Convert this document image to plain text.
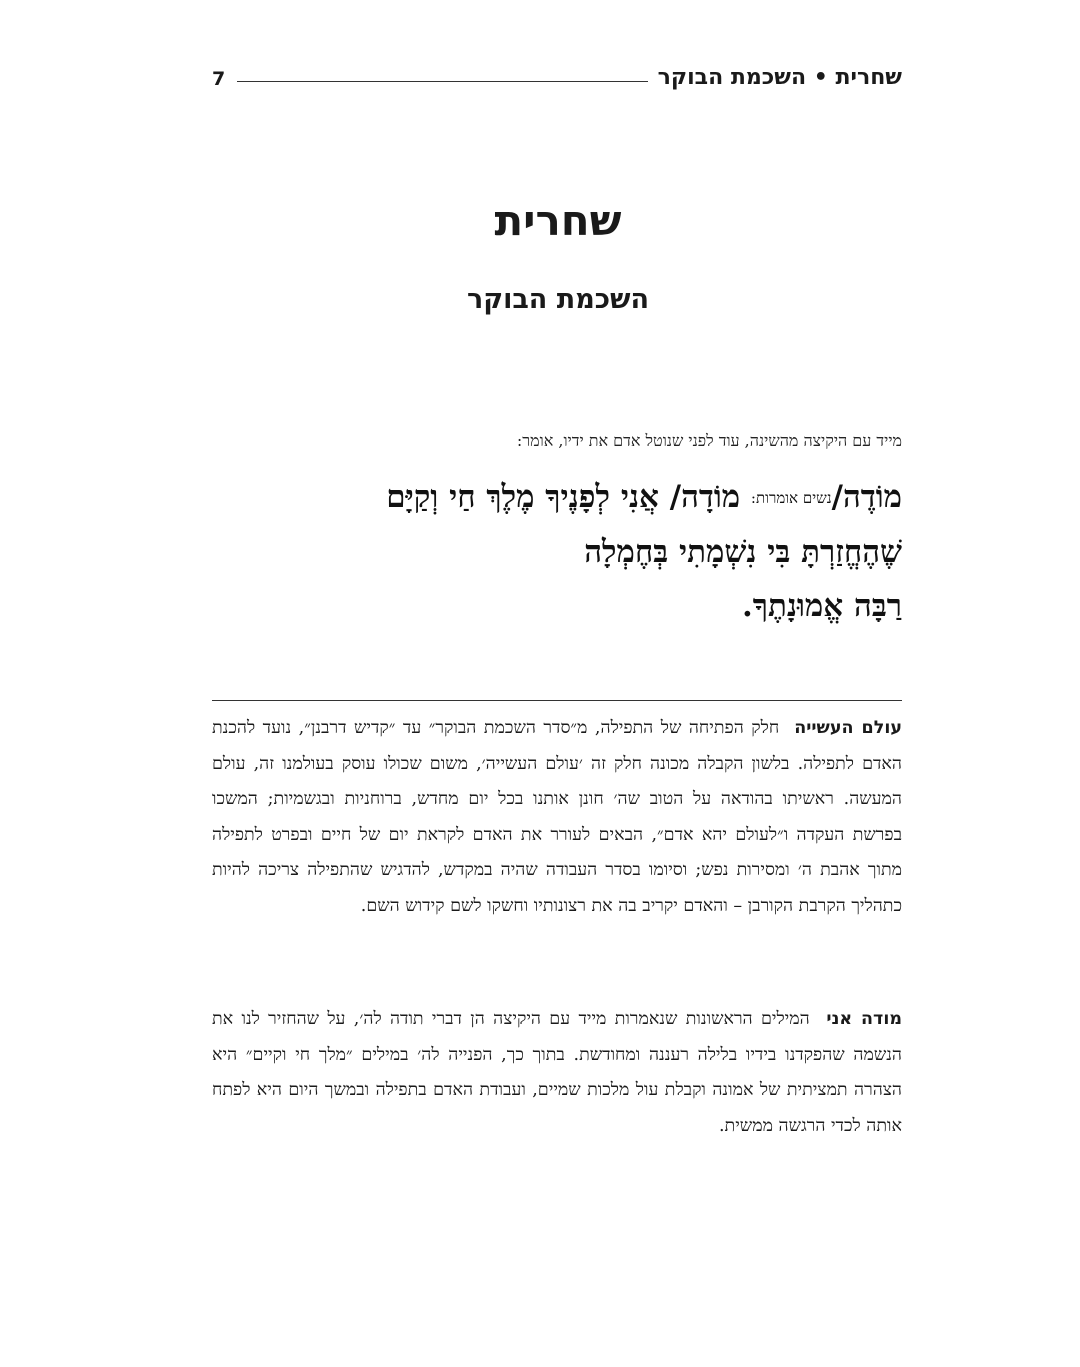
שחרית • השכמת הבוקר
7
שחרית
השכמת הבוקר
מייד עם היקיצה מהשינה, עוד לפני שנוטל אדם את ידיו, אומר:
מוֹדֶה/נשים אומרות: מוֹדָה/ אֲנִי לְפָנֶיךָ מֶלֶךְ חַי וְקַיָּם
שֶׁהֶחֱזַרְתָּ בִּי נִשְׁמָתִי בְּחֶמְלָה
רַבָּה אֱמוּנָתֶךָ.
עולם העשייה  חלק הפתיחה של התפילה, מ״סדר השכמת הבוקר״ עד ״קדיש דרבנן״, נועד להכנת האדם לתפילה. בלשון הקבלה מכונה חלק זה ׳עולם העשייה׳, משום שכולו עוסק בעולמנו זה, עולם המעשה. ראשיתו בהודאה על הטוב שה׳ חונן אותנו בכל יום מחדש, ברוחניות ובגשמיות; המשכו בפרשת העקדה ו״לעולם יהא אדם״, הבאים לעורר את האדם לקראת יום של חיים ובפרט לתפילה מתוך אהבת ה׳ ומסירות נפש; וסיומו בסדר העבודה שהיה במקדש, להדגיש שהתפילה צריכה להיות כתהליך הקרבת הקורבן – והאדם יקריב בה את רצונותיו וחשקו לשם קידוש השם.
מודה אני  המילים הראשונות שנאמרות מייד עם היקיצה הן דברי תודה לה׳, על שהחזיר לנו את הנשמה שהפקדנו בידיו בלילה רעננה ומחודשת. בתוך כך, הפנייה לה׳ במילים ״מלך חי וקיים״ היא הצהרה תמציתית של אמונה וקבלת עול מלכות שמיים, ועבודת האדם בתפילה ובמשך היום היא לפתח אותה לכדי הרגשה ממשית.
